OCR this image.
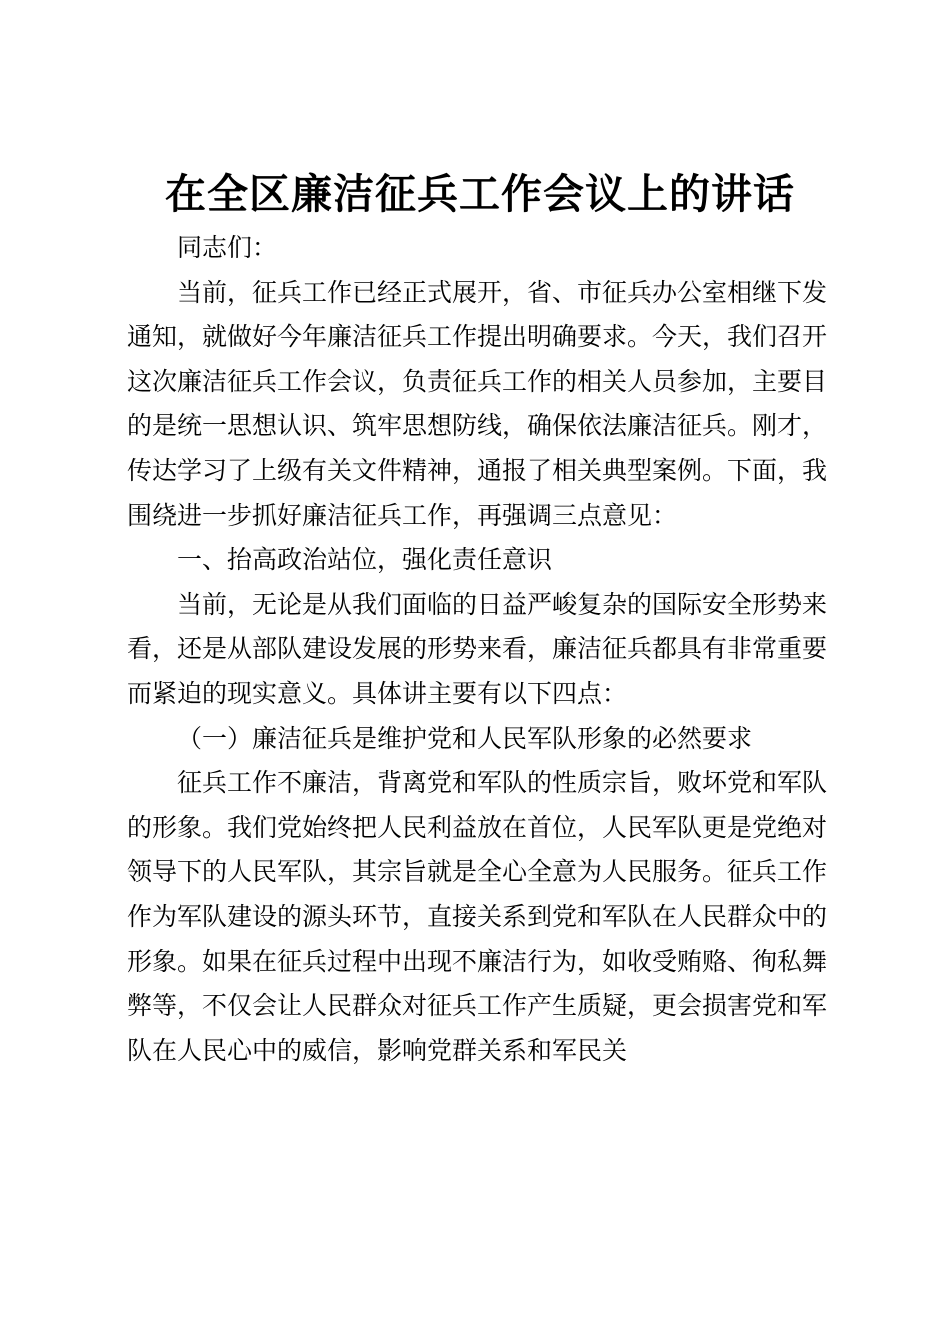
在全区廉洁征兵工作会议上的讲话

同志们：

当前，征兵工作已经正式展开，省、市征兵办公室相继下发通知，就做好今年廉洁征兵工作提出明确要求。今天，我们召开这次廉洁征兵工作会议，负责征兵工作的相关人员参加，主要目的是统一思想认识、筑牢思想防线，确保依法廉洁征兵。刚才，传达学习了上级有关文件精神，通报了相关典型案例。下面，我围绕进一步抓好廉洁征兵工作，再强调三点意见：

一、抬高政治站位，强化责任意识

当前，无论是从我们面临的日益严峻复杂的国际安全形势来看，还是从部队建设发展的形势来看，廉洁征兵都具有非常重要而紧迫的现实意义。具体讲主要有以下四点：

（一）廉洁征兵是维护党和人民军队形象的必然要求

征兵工作不廉洁，背离党和军队的性质宗旨，败坏党和军队的形象。我们党始终把人民利益放在首位，人民军队更是党绝对领导下的人民军队，其宗旨就是全心全意为人民服务。征兵工作作为军队建设的源头环节，直接关系到党和军队在人民群众中的形象。如果在征兵过程中出现不廉洁行为，如收受贿赂、徇私舞弊等，不仅会让人民群众对征兵工作产生质疑，更会损害党和军队在人民心中的威信，影响党群关系和军民关
